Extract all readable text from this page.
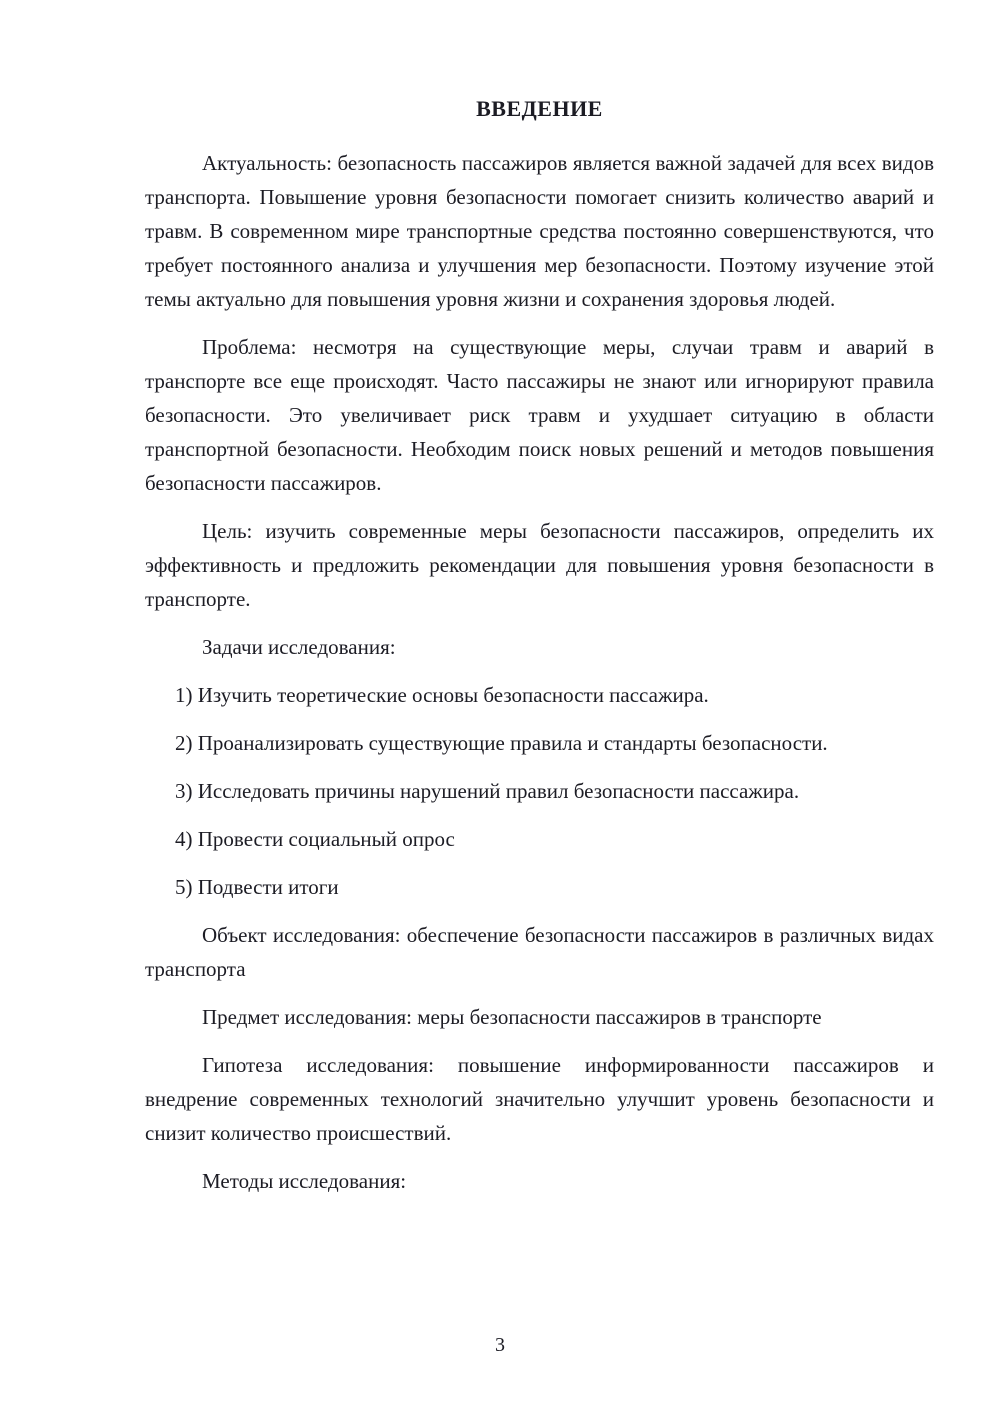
ВВЕДЕНИЕ

Актуальность: безопасность пассажиров является важной задачей для всех видов транспорта. Повышение уровня безопасности помогает снизить количество аварий и травм. В современном мире транспортные средства постоянно совершенствуются, что требует постоянного анализа и улучшения мер безопасности. Поэтому изучение этой темы актуально для повышения уровня жизни и сохранения здоровья людей.

Проблема: несмотря на существующие меры, случаи травм и аварий в транспорте все еще происходят. Часто пассажиры не знают или игнорируют правила безопасности. Это увеличивает риск травм и ухудшает ситуацию в области транспортной безопасности. Необходим поиск новых решений и методов повышения безопасности пассажиров.

Цель: изучить современные меры безопасности пассажиров, определить их эффективность и предложить рекомендации для повышения уровня безопасности в транспорте.

Задачи исследования:

1) Изучить теоретические основы безопасности пассажира.

2) Проанализировать существующие правила и стандарты безопасности.

3) Исследовать причины нарушений правил безопасности пассажира.

4) Провести социальный опрос

5) Подвести итоги

Объект исследования: обеспечение безопасности пассажиров в различных видах транспорта

Предмет исследования: меры безопасности пассажиров в транспорте

Гипотеза исследования: повышение информированности пассажиров и внедрение современных технологий значительно улучшит уровень безопасности и снизит количество происшествий.

Методы исследования:

3
